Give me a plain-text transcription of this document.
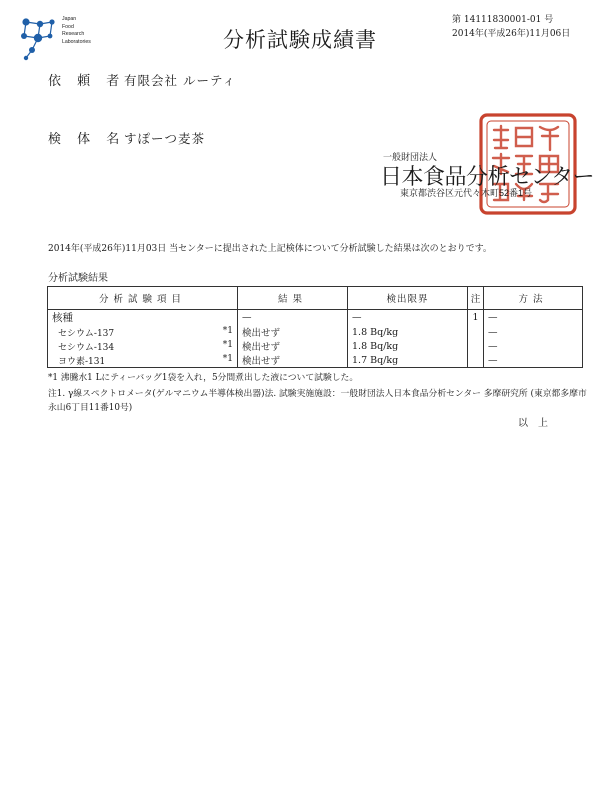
Japan
Food
Research
Laboratories	分析試験成績書
第 14111830001-01 号
2014年(平成26年)11月06日
依 頼 者
有限会社 ルーティ
検 体 名
すぽーつ麦茶
一般財団法人
日本食品分析センター
東京都渋谷区元代々木町52番1号
2014年(平成26年)11月03日 当センターに提出された上記検体について分析試験した結果は次のとおりです。
分析試験結果
分析試験項目	結果	検出限界	注	方法
核種	—	—	1	—
セシウム-137 *1	検出せず	1.8 Bq/kg		—
セシウム-134 *1	検出せず	1.8 Bq/kg		—
ヨウ素-131 *1	検出せず	1.7 Bq/kg		—
*1 沸騰水1 Lにティーバッグ1袋を入れ，5分間煮出した液について試験した。
注1. γ線スペクトロメータ(ゲルマニウム半導体検出器)法. 試験実施施設：一般財団法人日本食品分析センター 多摩研究所 (東京都多摩市
永山6丁目11番10号)
以上
